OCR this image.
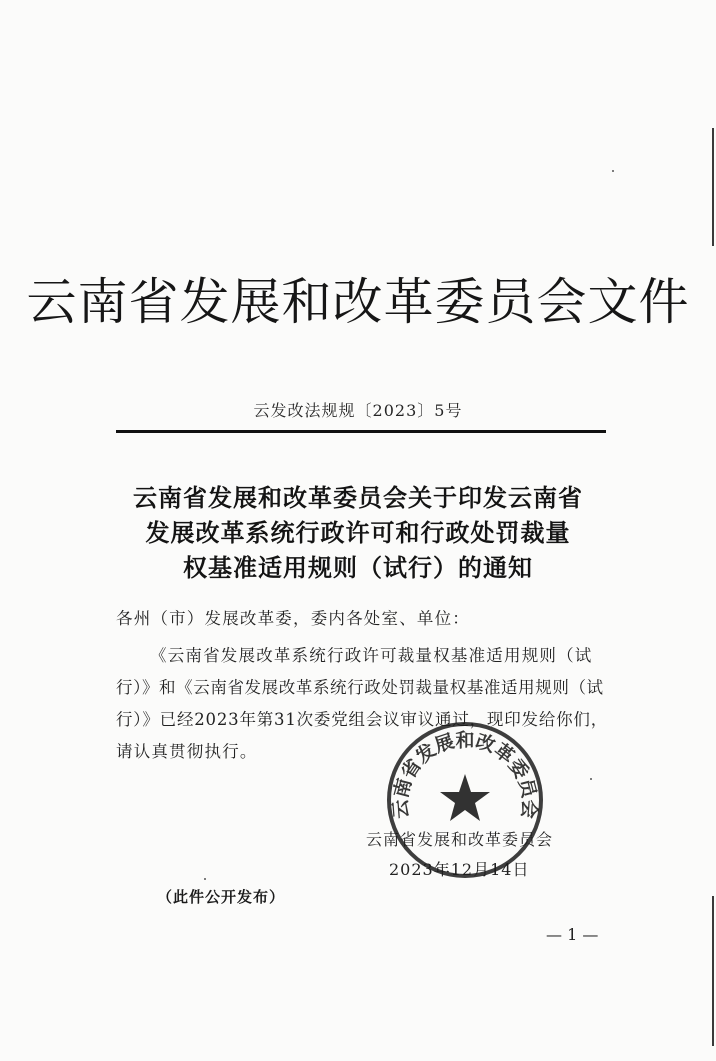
云南省发展和改革委员会文件
云发改法规规〔2023〕5号
云南省发展和改革委员会关于印发云南省
发展改革系统行政许可和行政处罚裁量
权基准适用规则（试行）的通知
各州（市）发展改革委，委内各处室、单位：
《云南省发展改革系统行政许可裁量权基准适用规则（试
行）》和《云南省发展改革系统行政处罚裁量权基准适用规则（试
行）》已经2023年第31次委党组会议审议通过，现印发给你们，
请认真贯彻执行。
云南省发展和改革委员会
2023年12月14日
云南省发展和改革委员会
（此件公开发布）
— 1 —
